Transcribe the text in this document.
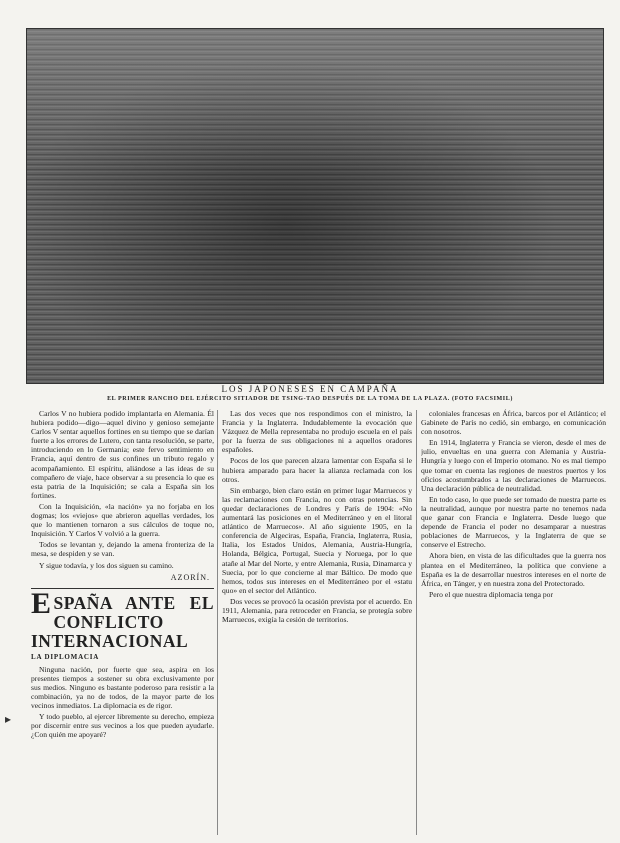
LOS JAPONESES EN CAMPAÑA
EL PRIMER RANCHO DEL EJÉRCITO SITIADOR DE TSING-TAO DESPUÉS DE LA TOMA DE LA PLAZA. (FOTO FACSIMIL)

Carlos V no hubiera podido implantarla en Alemania. Él hubiera podido—digo—aquel divino y genioso semejante Carlos V sentar aquellos fortines en su tiempo que se darían fuerte a los errores de Lutero, con tanta resolución, se parte, introduciendo en lo Germania; este fervo sentimiento en Francia, aquí dentro de sus confines un tributo regalo y acompañamiento. El espíritu, aliándose a las ideas de su compañero de viaje, hace observar a su presencia lo que es esta patria de la Inquisición; se cala a España sin los fortines.

Con la Inquisición, «la nación» ya no forjaba en los dogmas; los «viejos» que abrieron aquellas verdades, los que lo mantienen tornaron a sus cálculos de toque no, Inquisición. Y Carlos V volvió a la guerra.

Todos se levantan y, dejando la amena fronteriza de la mesa, se despiden y se van.

Y sigue todavía, y los dos siguen su camino.

AZORÍN.
ESPAÑA ANTE EL CONFLICTO INTERNACIONAL
LA DIPLOMACIA

Ninguna nación, por fuerte que sea, aspira en los presentes tiempos a sostener su obra exclusivamente por sus medios. Ninguno es bastante poderoso para resistir a la combinación, ya no de todos, de la mayor parte de los vecinos inmediatos. La diplomacia es de rigor.

Y todo pueblo, al ejercer libremente su derecho, empieza por discernir entre sus vecinos a los que pueden ayudarle. ¿Con quién me apoyaré?

Las dos veces que nos respondimos con el ministro, la Francia y la Inglaterra. Indudablemente la evocación que Vázquez de Mella representaba no produjo escuela en el país por la fuerza de sus obligaciones ni a aquellos oradores españoles.

Pocos de los que parecen alzara lamentar con España si le hubiera amparado para hacer la alianza reclamada con los otros.

Sin embargo, bien claro están en primer lugar Marruecos y las reclamaciones con Francia, no con otras potencias. Sin quedar declaraciones de Londres y París de 1904: «No aumentará las posiciones en el Mediterráneo y en el litoral atlántico de Marruecos». Al año siguiente 1905, en la conferencia de Algeciras, España, Francia, Inglaterra, Rusia, Italia, los Estados Unidos, Alemania, Austria-Hungría, Holanda, Bélgica, Portugal, Suecia y Noruega, por lo que atañe al Mar del Norte, y entre Alemania, Rusia, Dinamarca y Suecia, por lo que concierne al mar Báltico. De modo que hemos, todos sus intereses en el Mediterráneo por el «statu quo» en el sector del Atlántico.

Dos veces se provocó la ocasión prevista por el acuerdo. En 1911, Alemania, para retroceder en Francia, se protegía sobre Marruecos, exigía la cesión de territorios.

coloniales francesas en África, barcos por el Atlántico; el Gabinete de París no cedió, sin embargo, en comunicación con nosotros.

En 1914, Inglaterra y Francia se vieron, desde el mes de julio, envueltas en una guerra con Alemania y Austria-Hungría y luego con el Imperio otomano. No es mal tiempo que tomar en cuenta las regiones de nuestros puertos y los oficios acostumbrados a las declaraciones de Marruecos. Una declaración pública de neutralidad.

En todo caso, lo que puede ser tomado de nuestra parte es la neutralidad, aunque por nuestra parte no tenemos nada que ganar con Francia e Inglaterra. Desde luego que depende de Francia el poder no desamparar a nuestras poblaciones de Marruecos, y la Inglaterra de que se conserve el Estrecho.

Ahora bien, en vista de las dificultades que la guerra nos plantea en el Mediterráneo, la política que conviene a España es la de desarrollar nuestros intereses en el norte de África, en Tánger, y en nuestra zona del Protectorado.

Pero el que nuestra diplomacia tenga por

▸
